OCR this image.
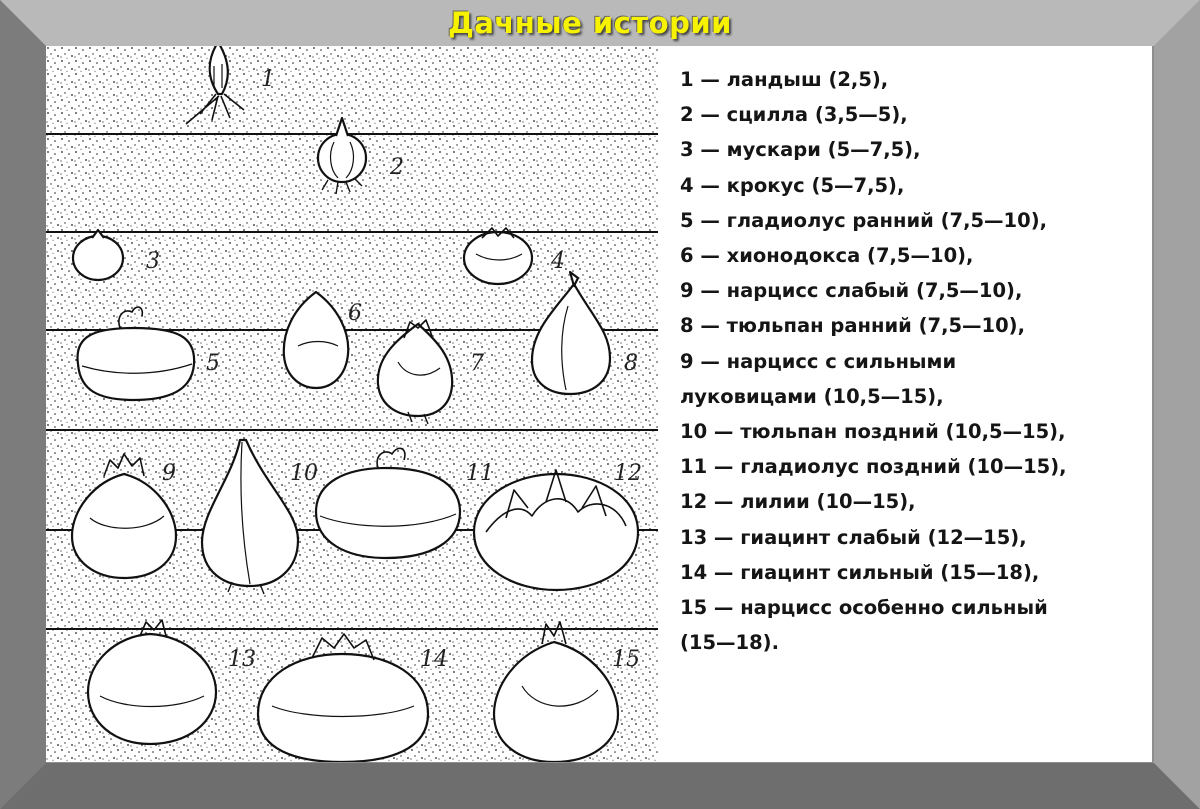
Дачные истории
1
2
3	4
5
6
7	8
9	10	11	12
13	14	15
1 — ландыш (2,5),
2 — сцилла (3,5—5),
3 — мускари (5—7,5),
4 — крокус (5—7,5),
5 — гладиолус ранний (7,5—10),
6 — хионодокса (7,5—10),
9 — нарцисс слабый (7,5—10),
8 — тюльпан ранний (7,5—10),
9 — нарцисс с сильными
луковицами (10,5—15),
10 — тюльпан поздний (10,5—15),
11 — гладиолус поздний (10—15),
12 — лилии (10—15),
13 — гиацинт слабый (12—15),
14 — гиацинт сильный (15—18),
15 — нарцисс особенно сильный
(15—18).
